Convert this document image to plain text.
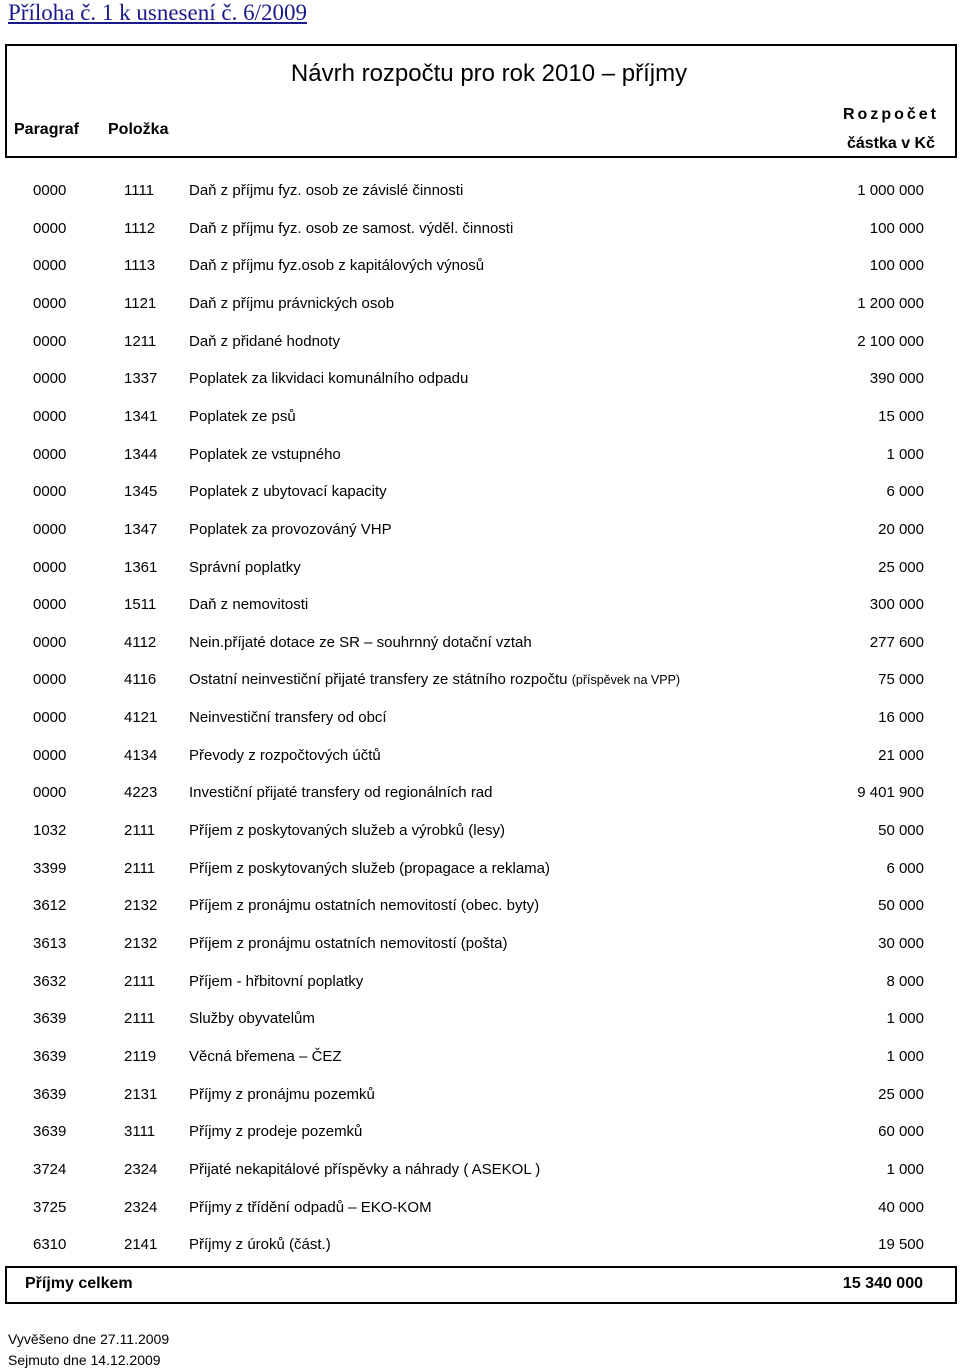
Příloha č. 1 k usnesení č. 6/2009
Návrh rozpočtu pro rok 2010 – příjmy
Paragraf Položka
Rozpočet
částka v Kč
0000	1111 Daň z příjmu fyz. osob ze závislé činnosti	1 000 000
0000	1112 Daň z příjmu fyz. osob ze samost. výděl. činnosti	100 000
0000	1113 Daň z příjmu fyz.osob z kapitálových výnosů	100 000
0000	1121 Daň z příjmu právnických osob	1 200 000
0000	1211 Daň z přidané hodnoty	2 100 000
0000	1337 Poplatek za likvidaci komunálního odpadu	390 000
0000	1341 Poplatek ze psů	15 000
0000	1344 Poplatek ze vstupného	1 000
0000	1345 Poplatek z ubytovací kapacity	6 000
0000	1347 Poplatek za provozováný VHP	20 000
0000	1361 Správní poplatky	25 000
0000	1511 Daň z nemovitosti	300 000
0000	4112 Nein.příjaté dotace ze SR – souhrnný dotační vztah	277 600
0000	4116 Ostatní neinvestiční přijaté transfery ze státního rozpočtu (příspěvek na VPP)	75 000
0000	4121 Neinvestiční transfery od obcí	16 000
0000	4134 Převody z rozpočtových účtů	21 000
0000	4223 Investiční přijaté transfery od regionálních rad	9 401 900
1032	2111 Příjem z poskytovaných služeb a výrobků (lesy)	50 000
3399	2111 Příjem z poskytovaných služeb (propagace a reklama)	6 000
3612	2132 Příjem z pronájmu ostatních nemovitostí (obec. byty)	50 000
3613	2132 Příjem z pronájmu ostatních nemovitostí (pošta)	30 000
3632	2111 Příjem - hřbitovní poplatky	8 000
3639	2111 Služby obyvatelům	1 000
3639	2119 Věcná břemena – ČEZ	1 000
3639	2131 Příjmy z pronájmu pozemků	25 000
3639	3111 Příjmy z prodeje pozemků	60 000
3724	2324 Přijaté nekapitálové příspěvky a náhrady ( ASEKOL )	1 000
3725	2324 Příjmy z třídění odpadů – EKO-KOM	40 000
6310	2141 Příjmy z úroků (část.)	19 500
Příjmy celkem	15 340 000
Vyvěšeno dne 27.11.2009
Sejmuto dne 14.12.2009
